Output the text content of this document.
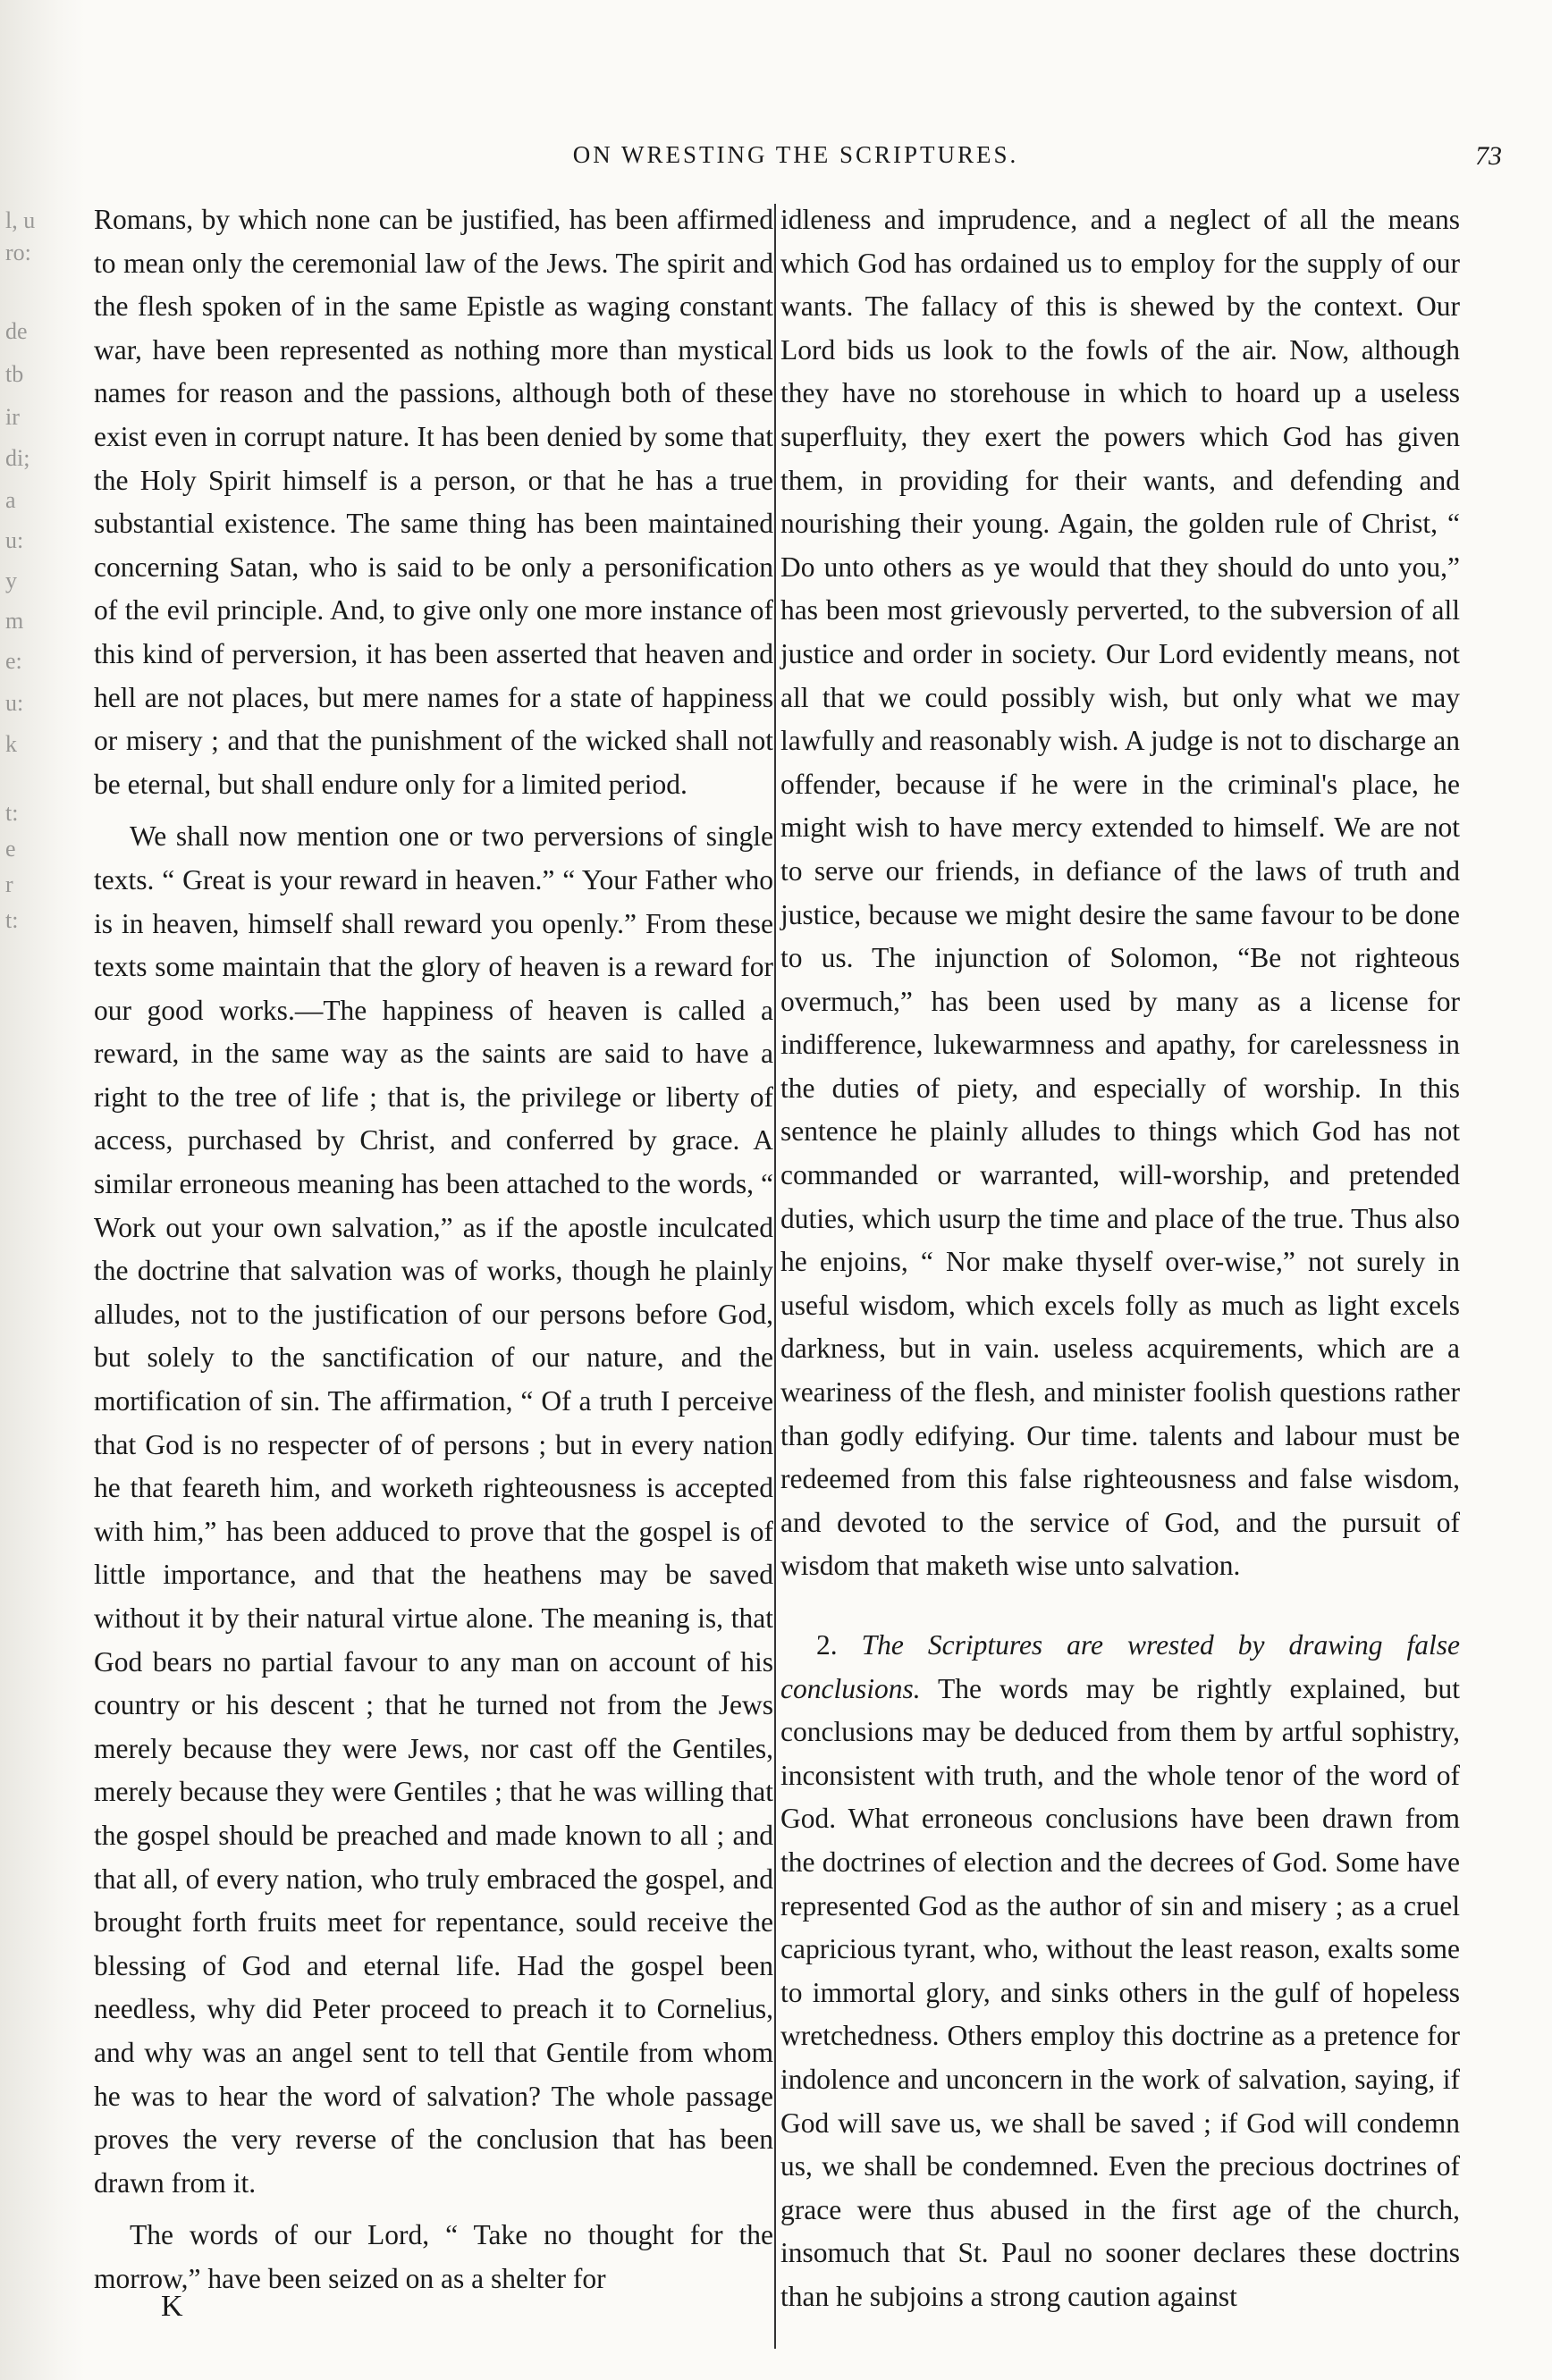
l, u
ro:
de
tb
ir
di;
a
u:
y
m
e:
u:
k
t:
e
r
t:
ON WRESTING THE SCRIPTURES.	73

Romans, by which none can be justified, has been affirmed to mean only the ceremonial law of the Jews. The spirit and the flesh spoken of in the same Epistle as waging constant war, have been represented as nothing more than mystical names for reason and the passions, although both of these exist even in corrupt nature. It has been denied by some that the Holy Spirit himself is a person, or that he has a true substantial existence. The same thing has been maintained concerning Satan, who is said to be only a personification of the evil principle. And, to give only one more instance of this kind of perversion, it has been asserted that heaven and hell are not places, but mere names for a state of happiness or misery ; and that the punishment of the wicked shall not be eternal, but shall endure only for a limited period.

We shall now mention one or two perversions of single texts. “ Great is your reward in heaven.” “ Your Father who is in heaven, himself shall reward you openly.” From these texts some maintain that the glory of heaven is a reward for our good works.—The happiness of heaven is called a reward, in the same way as the saints are said to have a right to the tree of life ; that is, the privilege or liberty of access, purchased by Christ, and conferred by grace. A similar erroneous meaning has been attached to the words, “ Work out your own salvation,” as if the apostle inculcated the doctrine that salvation was of works, though he plainly alludes, not to the justification of our persons before God, but solely to the sanctification of our nature, and the mortification of sin. The affirmation, “ Of a truth I perceive that God is no respecter of of persons ; but in every nation he that feareth him, and worketh righteousness is accepted with him,” has been adduced to prove that the gospel is of little importance, and that the heathens may be saved without it by their natural virtue alone. The meaning is, that God bears no partial favour to any man on account of his country or his descent ; that he turned not from the Jews merely because they were Jews, nor cast off the Gentiles, merely because they were Gentiles ; that he was willing that the gospel should be preached and made known to all ; and that all, of every nation, who truly embraced the gospel, and brought forth fruits meet for repentance, sould receive the blessing of God and eternal life. Had the gospel been needless, why did Peter proceed to preach it to Cornelius, and why was an angel sent to tell that Gentile from whom he was to hear the word of salvation? The whole passage proves the very reverse of the conclusion that has been drawn from it.

The words of our Lord, “ Take no thought for the morrow,” have been seized on as a shelter for

idleness and imprudence, and a neglect of all the means which God has ordained us to employ for the supply of our wants. The fallacy of this is shewed by the context. Our Lord bids us look to the fowls of the air. Now, although they have no storehouse in which to hoard up a useless superfluity, they exert the powers which God has given them, in providing for their wants, and defending and nourishing their young. Again, the golden rule of Christ, “ Do unto others as ye would that they should do unto you,” has been most grievously perverted, to the subversion of all justice and order in society. Our Lord evidently means, not all that we could possibly wish, but only what we may lawfully and reasonably wish. A judge is not to discharge an offender, because if he were in the criminal's place, he might wish to have mercy extended to himself. We are not to serve our friends, in defiance of the laws of truth and justice, because we might desire the same favour to be done to us. The injunction of Solomon, “Be not righteous overmuch,” has been used by many as a license for indifference, lukewarmness and apathy, for carelessness in the duties of piety, and especially of worship. In this sentence he plainly alludes to things which God has not commanded or warranted, will-worship, and pretended duties, which usurp the time and place of the true. Thus also he enjoins, “ Nor make thyself over-wise,” not surely in useful wisdom, which excels folly as much as light excels darkness, but in vain. useless acquirements, which are a weariness of the flesh, and minister foolish questions rather than godly edifying. Our time. talents and labour must be redeemed from this false righteousness and false wisdom, and devoted to the service of God, and the pursuit of wisdom that maketh wise unto salvation.

2. The Scriptures are wrested by drawing false conclusions. The words may be rightly explained, but conclusions may be deduced from them by artful sophistry, inconsistent with truth, and the whole tenor of the word of God. What erroneous conclusions have been drawn from the doctrines of election and the decrees of God. Some have represented God as the author of sin and misery ; as a cruel capricious tyrant, who, without the least reason, exalts some to immortal glory, and sinks others in the gulf of hopeless wretchedness. Others employ this doctrine as a pretence for indolence and unconcern in the work of salvation, saying, if God will save us, we shall be saved ; if God will condemn us, we shall be condemned. Even the precious doctrines of grace were thus abused in the first age of the church, insomuch that St. Paul no sooner declares these doctrins than he subjoins a strong caution against

K
